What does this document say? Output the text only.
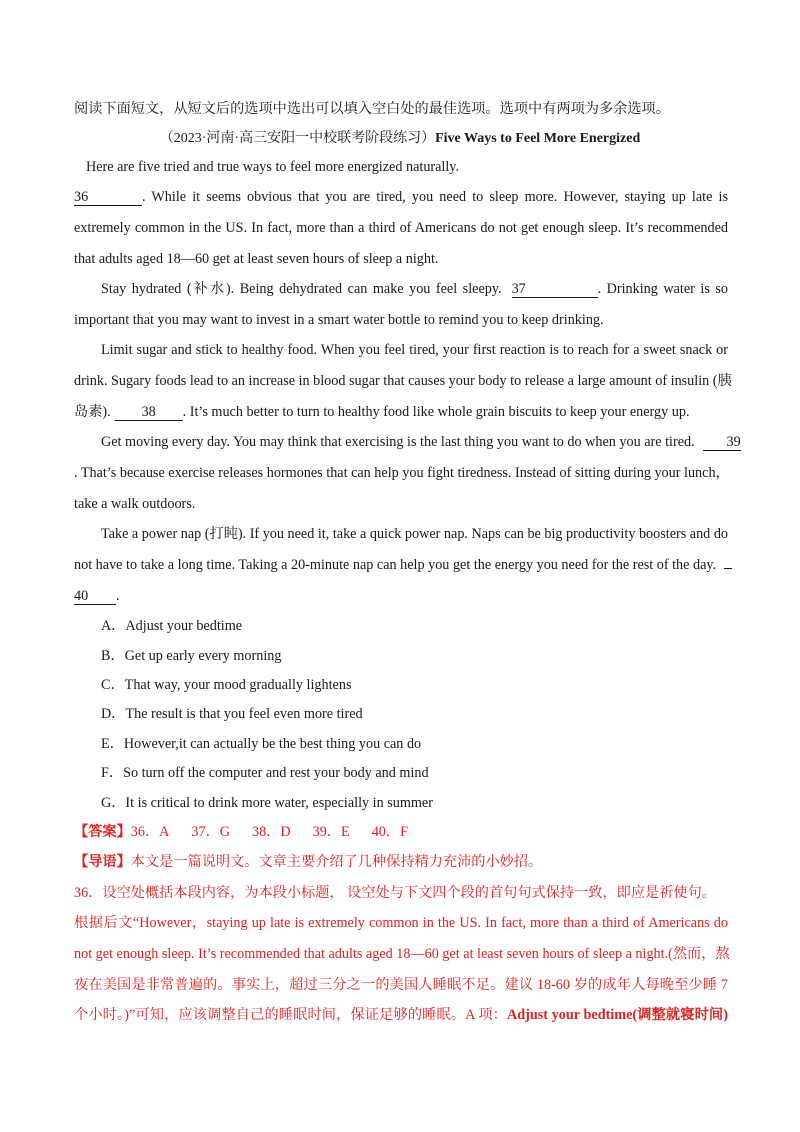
阅读下面短文，从短文后的选项中选出可以填入空白处的最佳选项。选项中有两项为多余选项。
（2023·河南·高三安阳一中校联考阶段练习）Five Ways to Feel More Energized
Here are five tried and true ways to feel more energized naturally.
36	. While it seems obvious that you are tired, you need to sleep more. However, staying up late is
extremely common in the US. In fact, more than a third of Americans do not get enough sleep. It’s recommended
that adults aged 18—60 get at least seven hours of sleep a night.
Stay hydrated (补水). Being dehydrated can make you feel sleepy. 37	. Drinking water is so
important that you may want to invest in a smart water bottle to remind you to keep drinking.
Limit sugar and stick to healthy food. When you feel tired, your first reaction is to reach for a sweet snack or
drink. Sugary foods lead to an increase in blood sugar that causes your body to release a large amount of insulin (胰
岛素). 38 . It’s much better to turn to healthy food like whole grain biscuits to keep your energy up.
Get moving every day. You may think that exercising is the last thing you want to do when you are tired. 39
. That’s because exercise releases hormones that can help you fight tiredness. Instead of sitting during your lunch，
take a walk outdoors.
Take a power nap (打盹). If you need it, take a quick power nap. Naps can be big productivity boosters and do
not have to take a long time. Taking a 20-minute nap can help you get the energy you need for the rest of the day.
40 .
A．Adjust your bedtime
B．Get up early every morning
C．That way, your mood gradually lightens
D．The result is that you feel even more tired
E．However,it can actually be the best thing you can do
F．So turn off the computer and rest your body and mind
G．It is critical to drink more water, especially in summer
【答案】36．A 37．G 38．D 39．E 40．F
【导语】本文是一篇说明文。文章主要介绍了几种保持精力充沛的小妙招。
36．设空处概括本段内容，为本段小标题， 设空处与下文四个段的首句句式保持一致，即应是祈使句。
根据后文“However，staying up late is extremely common in the US. In fact, more than a third of Americans do
not get enough sleep. It’s recommended that adults aged 18—60 get at least seven hours of sleep a night.(然而，熬
夜在美国是非常普遍的。事实上，超过三分之一的美国人睡眠不足。建议 18-60 岁的成年人每晚至少睡 7
个小时。)”可知，应该调整自己的睡眠时间，保证足够的睡眠。A 项：Adjust your bedtime(调整就寝时间)
